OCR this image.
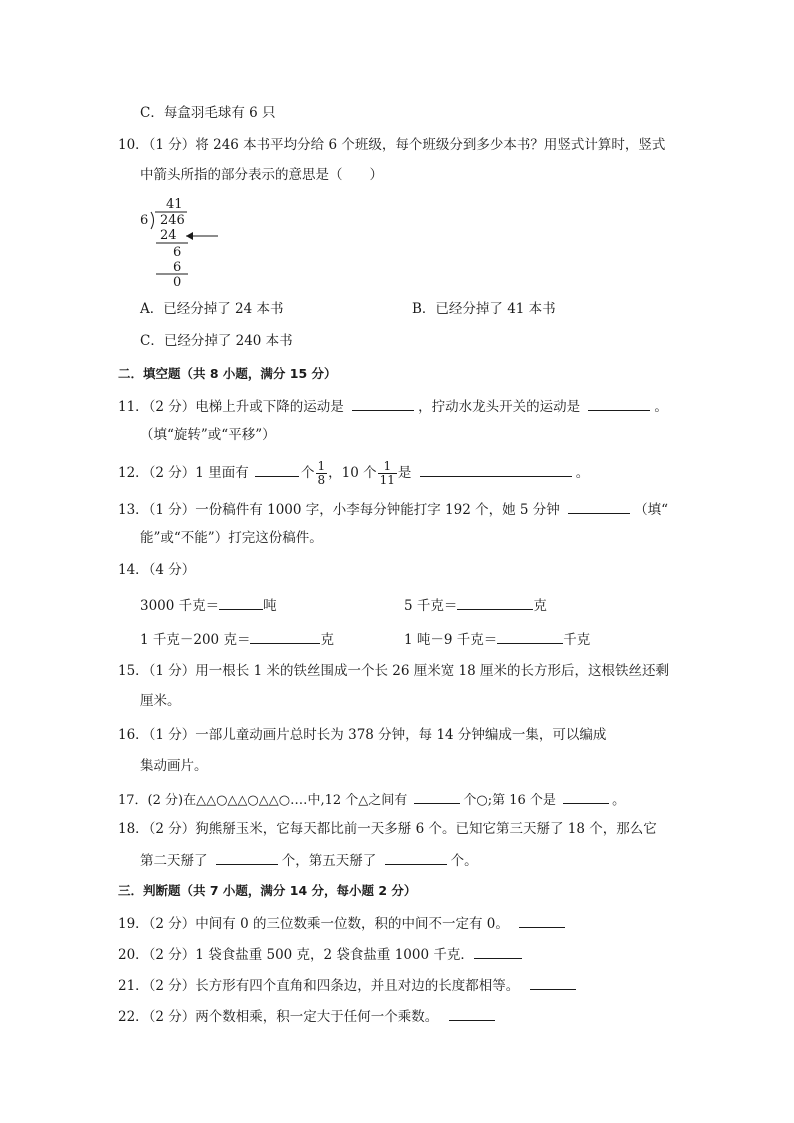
C．每盒羽毛球有 6 只
10．（1 分）将 246 本书平均分给 6 个班级，每个班级分到多少本书？用竖式计算时，竖式
中箭头所指的部分表示的意思是（　　）
41
6 246
24
6
6
0
A．已经分掉了 24 本书	B．已经分掉了 41 本书
C．已经分掉了 240 本书
二．填空题（共 8 小题，满分 15 分）
11．（2 分）电梯上升或下降的运动是	，拧动水龙头开关的运动是	。
（填“旋转”或“平移”）
12．（2 分）1 里面有	个 $\frac{1}{8}$ ，10 个 $\frac{1}{11}$ 是	。
13．（1 分）一份稿件有 1000 字，小李每分钟能打字 192 个，她 5 分钟	（填“
能”或“不能”）打完这份稿件。
14．（4 分）
3000 千克＝	吨	5 千克＝	克
1 千克－200 克＝	克	1 吨－9 千克＝	千克
15．（1 分）用一根长 1 米的铁丝围成一个长 26 厘米宽 18 厘米的长方形后，这根铁丝还剩
厘米。
16．（1 分）一部儿童动画片总时长为 378 分钟，每 14 分钟编成一集，可以编成
集动画片。
17．(2 分)在△△○△△○△△○‥‥中,12 个△之间有	个○;第 16 个是	。
18．（2 分）狗熊掰玉米，它每天都比前一天多掰 6 个。已知它第三天掰了 18 个，那么它
第二天掰了	个，第五天掰了	个。
三．判断题（共 7 小题，满分 14 分，每小题 2 分）
19．（2 分）中间有 0 的三位数乘一位数，积的中间不一定有 0。
20．（2 分）1 袋食盐重 500 克，2 袋食盐重 1000 千克．
21．（2 分）长方形有四个直角和四条边，并且对边的长度都相等。
22．（2 分）两个数相乘，积一定大于任何一个乘数。
